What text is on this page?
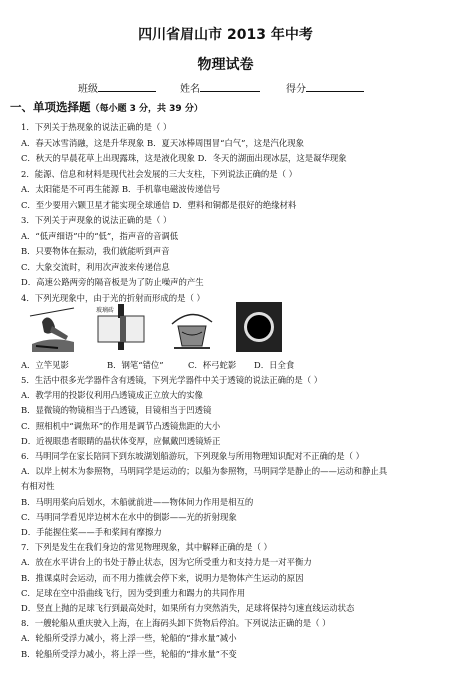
四川省眉山市 2013 年中考
物理试卷
班级	姓名	得分
一、单项选择题（每小题 3 分，共 39 分）
1．下列关于热现象的说法正确的是（ ）
A．春天冰雪消融，这是升华现象 B．夏天冰棒周围冒“白气”，这是汽化现象
C．秋天的早晨花草上出现露珠，这是液化现象 D．冬天的湖面出现冰层，这是凝华现象
2．能源、信息和材料是现代社会发展的三大支柱，下列说法正确的是（ ）
A．太阳能是不可再生能源 B．手机靠电磁波传递信号
C．至少要用六颗卫星才能实现全球通信 D．塑料和铜都是很好的绝缘材料
3．下列关于声现象的说法正确的是（ ）
A．“低声细语”中的“低”，指声音的音调低
B．只要物体在振动，我们就能听到声音
C．大象交流时，利用次声波来传递信息
D．高速公路两旁的隔音板是为了防止噪声的产生
4．下列光现象中，由于光的折射而形成的是（ ）
玻璃砖
A．立竿见影	B．钢笔“错位”	C．杯弓蛇影 D．日全食
5．生活中很多光学器件含有透镜，下列光学器件中关于透镜的说法正确的是（ ）
A．教学用的投影仪利用凸透镜成正立放大的实像
B．显微镜的物镜相当于凸透镜，目镜相当于凹透镜
C．照相机中“调焦环”的作用是调节凸透镜焦距的大小
D．近视眼患者眼睛的晶状体变厚，应佩戴凹透镜矫正
6．马明同学在家长陪同下到东坡湖划船游玩，下列现象与所用物理知识配对不正确的是（ ）
A．以岸上树木为参照物，马明同学是运动的；以船为参照物，马明同学是静止的——运动和静止具
有相对性
B．马明用桨向后划水，木船就前进——物体间力作用是相互的
C．马明同学看见岸边树木在水中的倒影——光的折射现象
D．手能握住桨——手和桨间有摩擦力
7．下列是发生在我们身边的常见物理现象，其中解释正确的是（ ）
A．放在水平讲台上的书处于静止状态，因为它所受重力和支持力是一对平衡力
B．推课桌时会运动，而不用力推就会停下来，说明力是物体产生运动的原因
C．足球在空中沿曲线飞行，因为受到重力和踢力的共同作用
D．竖直上抛的足球飞行到最高处时，如果所有力突然消失，足球将保持匀速直线运动状态
8．一艘轮船从重庆驶入上海，在上海码头卸下货物后停泊。下列说法正确的是（ ）
A．轮船所受浮力减小，将上浮一些，轮船的“排水量”减小
B．轮船所受浮力减小，将上浮一些，轮船的“排水量”不变
